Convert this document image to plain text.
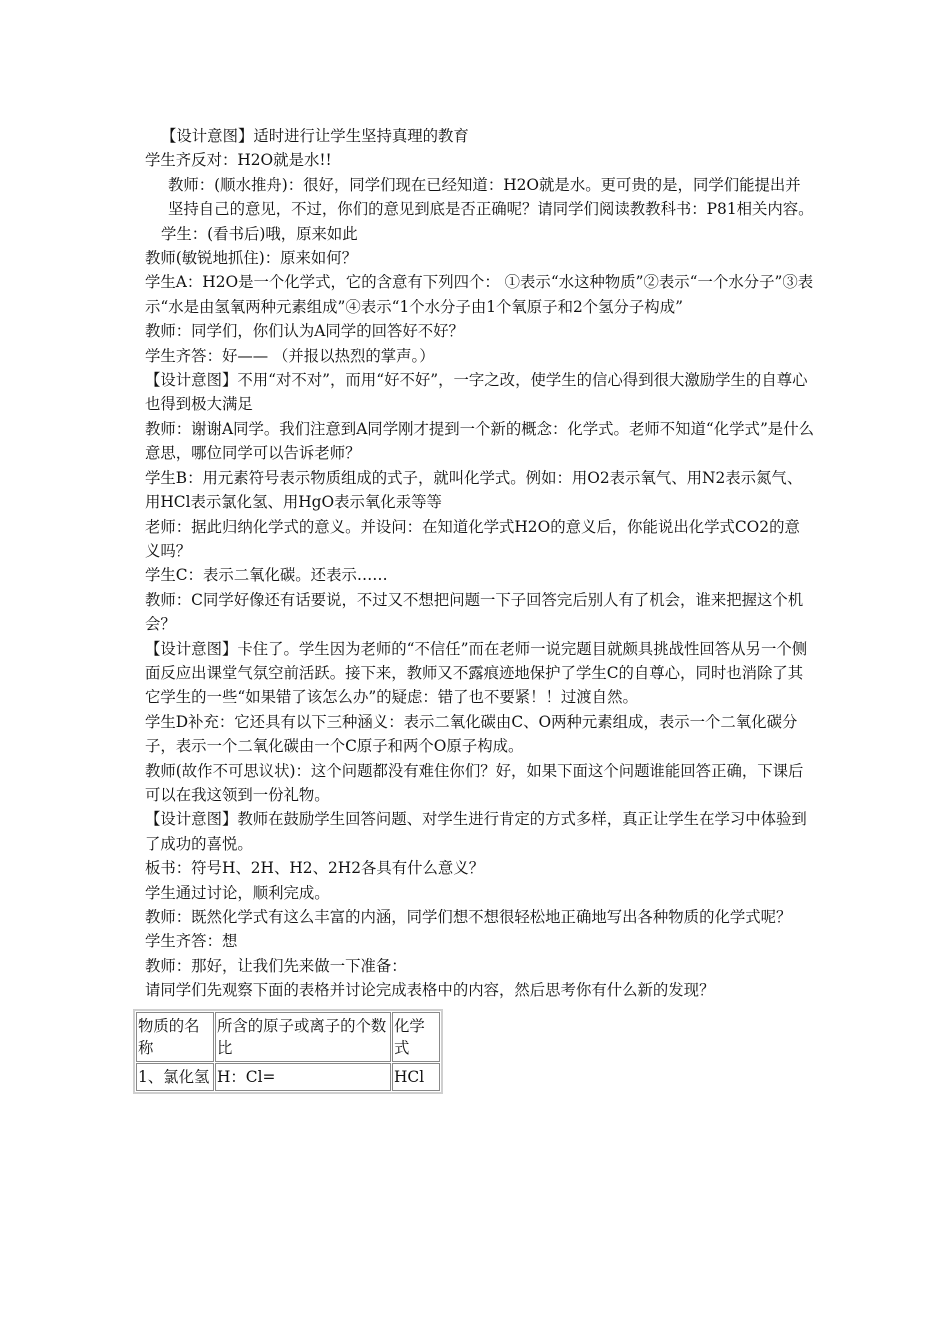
【设计意图】适时进行让学生坚持真理的教育

学生齐反对：H2O就是水!!

教师：(顺水推舟)：很好，同学们现在已经知道：H2O就是水。更可贵的是，同学们能提出并坚持自己的意见，不过，你们的意见到底是否正确呢？请同学们阅读教教科书：P81相关内容。

学生：(看书后)哦，原来如此

教师(敏锐地抓住)：原来如何？

学生A：H2O是一个化学式，它的含意有下列四个： ①表示“水这种物质”②表示“一个水分子”③表示“水是由氢氧两种元素组成”④表示“1个水分子由1个氧原子和2个氢分子构成”

教师：同学们，你们认为A同学的回答好不好？

学生齐答：好—— （并报以热烈的掌声。）

【设计意图】不用“对不对”，而用“好不好”，一字之改，使学生的信心得到很大激励学生的自尊心也得到极大满足

教师：谢谢A同学。我们注意到A同学刚才提到一个新的概念：化学式。老师不知道“化学式”是什么意思，哪位同学可以告诉老师？

学生B：用元素符号表示物质组成的式子，就叫化学式。例如：用O2表示氧气、用N2表示氮气、用HCl表示氯化氢、用HgO表示氧化汞等等

老师：据此归纳化学式的意义。并设问：在知道化学式H2O的意义后，你能说出化学式CO2的意义吗？

学生C：表示二氧化碳。还表示……

教师：C同学好像还有话要说，不过又不想把问题一下子回答完后别人有了机会，谁来把握这个机会？

【设计意图】卡住了。学生因为老师的“不信任”而在老师一说完题目就颇具挑战性回答从另一个侧面反应出课堂气氛空前活跃。接下来，教师又不露痕迹地保护了学生C的自尊心，同时也消除了其它学生的一些“如果错了该怎么办”的疑虑：错了也不要紧！！过渡自然。

学生D补充：它还具有以下三种涵义：表示二氧化碳由C、O两种元素组成，表示一个二氧化碳分子，表示一个二氧化碳由一个C原子和两个O原子构成。

教师(故作不可思议状)：这个问题都没有难住你们？好，如果下面这个问题谁能回答正确，下课后可以在我这领到一份礼物。

【设计意图】教师在鼓励学生回答问题、对学生进行肯定的方式多样，真正让学生在学习中体验到了成功的喜悦。

板书：符号H、2H、H2、2H2各具有什么意义？

学生通过讨论，顺利完成。

教师：既然化学式有这么丰富的内涵，同学们想不想很轻松地正确地写出各种物质的化学式呢？

学生齐答：想

教师：那好，让我们先来做一下准备：

请同学们先观察下面的表格并讨论完成表格中的内容，然后思考你有什么新的发现？

物质的名称	所含的原子或离子的个数比	化学式
1、氯化氢	H：Cl=	HCl
